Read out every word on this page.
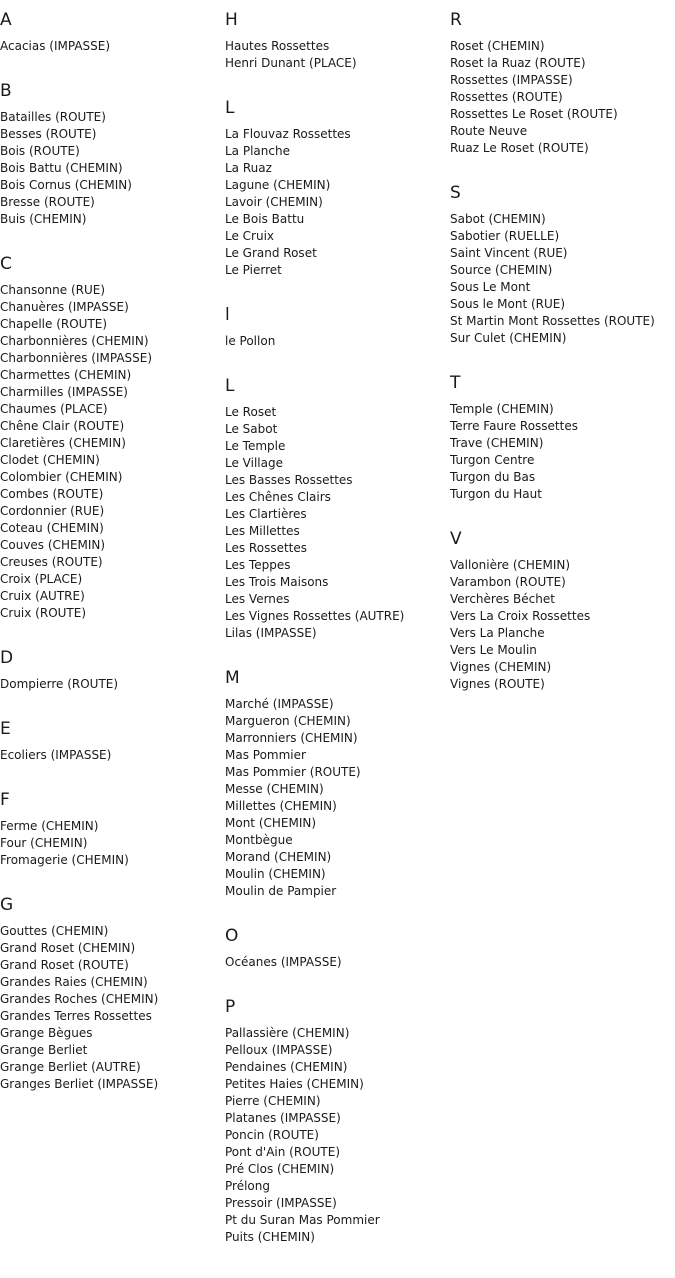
A
Acacias (IMPASSE)
B
Batailles (ROUTE)
Besses (ROUTE)
Bois (ROUTE)
Bois Battu (CHEMIN)
Bois Cornus (CHEMIN)
Bresse (ROUTE)
Buis (CHEMIN)
C
Chansonne (RUE)
Chanuères (IMPASSE)
Chapelle (ROUTE)
Charbonnières (CHEMIN)
Charbonnières (IMPASSE)
Charmettes (CHEMIN)
Charmilles (IMPASSE)
Chaumes (PLACE)
Chêne Clair (ROUTE)
Claretières (CHEMIN)
Clodet (CHEMIN)
Colombier (CHEMIN)
Combes (ROUTE)
Cordonnier (RUE)
Coteau (CHEMIN)
Couves (CHEMIN)
Creuses (ROUTE)
Croix (PLACE)
Cruix (AUTRE)
Cruix (ROUTE)
D
Dompierre (ROUTE)
E
Ecoliers (IMPASSE)
F
Ferme (CHEMIN)
Four (CHEMIN)
Fromagerie (CHEMIN)
G
Gouttes (CHEMIN)
Grand Roset (CHEMIN)
Grand Roset (ROUTE)
Grandes Raies (CHEMIN)
Grandes Roches (CHEMIN)
Grandes Terres Rossettes
Grange Bègues
Grange Berliet
Grange Berliet (AUTRE)
Granges Berliet (IMPASSE)
H
Hautes Rossettes
Henri Dunant (PLACE)
L
La Flouvaz Rossettes
La Planche
La Ruaz
Lagune (CHEMIN)
Lavoir (CHEMIN)
Le Bois Battu
Le Cruix
Le Grand Roset
Le Pierret
l
le Pollon
L
Le Roset
Le Sabot
Le Temple
Le Village
Les Basses Rossettes
Les Chênes Clairs
Les Clartières
Les Millettes
Les Rossettes
Les Teppes
Les Trois Maisons
Les Vernes
Les Vignes Rossettes (AUTRE)
Lilas (IMPASSE)
M
Marché (IMPASSE)
Margueron (CHEMIN)
Marronniers (CHEMIN)
Mas Pommier
Mas Pommier (ROUTE)
Messe (CHEMIN)
Millettes (CHEMIN)
Mont (CHEMIN)
Montbègue
Morand (CHEMIN)
Moulin (CHEMIN)
Moulin de Pampier
O
Océanes (IMPASSE)
P
Pallassière (CHEMIN)
Pelloux (IMPASSE)
Pendaines (CHEMIN)
Petites Haies (CHEMIN)
Pierre (CHEMIN)
Platanes (IMPASSE)
Poncin (ROUTE)
Pont d'Ain (ROUTE)
Pré Clos (CHEMIN)
Prélong
Pressoir (IMPASSE)
Pt du Suran Mas Pommier
Puits (CHEMIN)
R
Roset (CHEMIN)
Roset la Ruaz (ROUTE)
Rossettes (IMPASSE)
Rossettes (ROUTE)
Rossettes Le Roset (ROUTE)
Route Neuve
Ruaz Le Roset (ROUTE)
S
Sabot (CHEMIN)
Sabotier (RUELLE)
Saint Vincent (RUE)
Source (CHEMIN)
Sous Le Mont
Sous le Mont (RUE)
St Martin Mont Rossettes (ROUTE)
Sur Culet (CHEMIN)
T
Temple (CHEMIN)
Terre Faure Rossettes
Trave (CHEMIN)
Turgon Centre
Turgon du Bas
Turgon du Haut
V
Vallonière (CHEMIN)
Varambon (ROUTE)
Verchères Béchet
Vers La Croix Rossettes
Vers La Planche
Vers Le Moulin
Vignes (CHEMIN)
Vignes (ROUTE)
